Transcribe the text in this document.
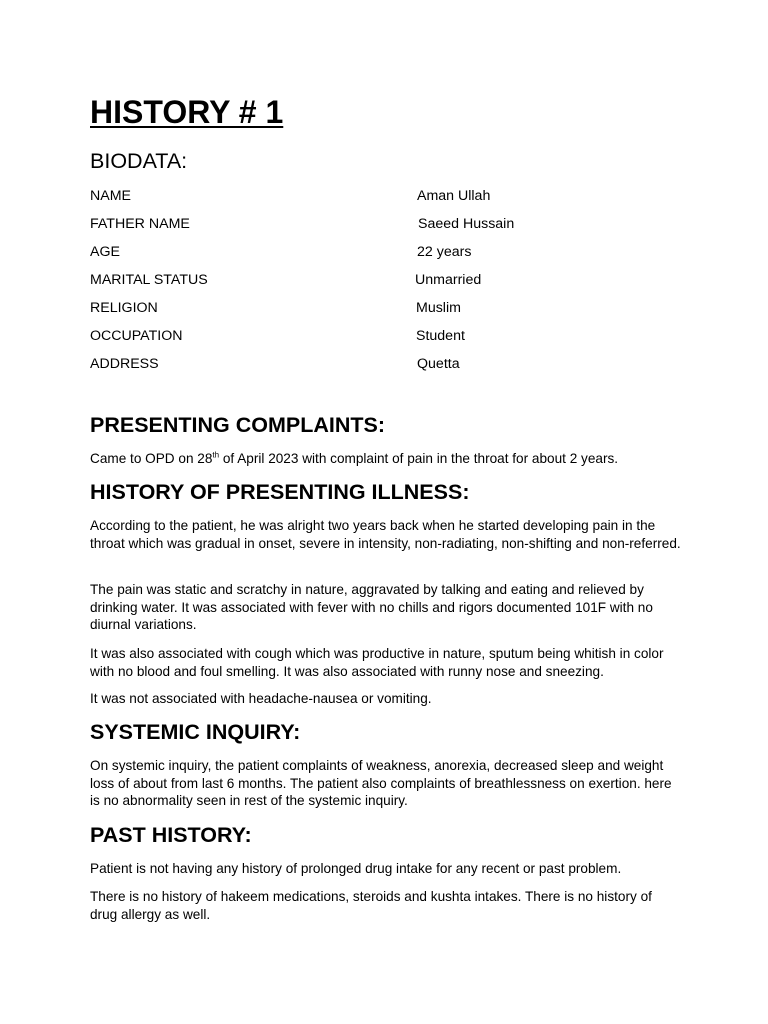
HISTORY # 1
BIODATA:
NAME	Aman Ullah
FATHER NAME	Saeed Hussain
AGE	22 years
MARITAL STATUS	Unmarried
RELIGION	Muslim
OCCUPATION	Student
ADDRESS	Quetta
PRESENTING COMPLAINTS:

Came to OPD on 28th of April 2023 with complaint of pain in the throat for about 2 years.

HISTORY OF PRESENTING ILLNESS:

According to the patient, he was alright two years back when he started developing pain in the throat which was gradual in onset, severe in intensity, non-radiating, non-shifting and non-referred.

The pain was static and scratchy in nature, aggravated by talking and eating and relieved by drinking water. It was associated with fever with no chills and rigors documented 101F with no diurnal variations.

It was also associated with cough which was productive in nature, sputum being whitish in color with no blood and foul smelling. It was also associated with runny nose and sneezing.

It was not associated with headache-nausea or vomiting.

SYSTEMIC INQUIRY:

On systemic inquiry, the patient complaints of weakness, anorexia, decreased sleep and weight loss of about from last 6 months. The patient also complaints of breathlessness on exertion. here is no abnormality seen in rest of the systemic inquiry.

PAST HISTORY:

Patient is not having any history of prolonged drug intake for any recent or past problem.

There is no history of hakeem medications, steroids and kushta intakes. There is no history of drug allergy as well.
